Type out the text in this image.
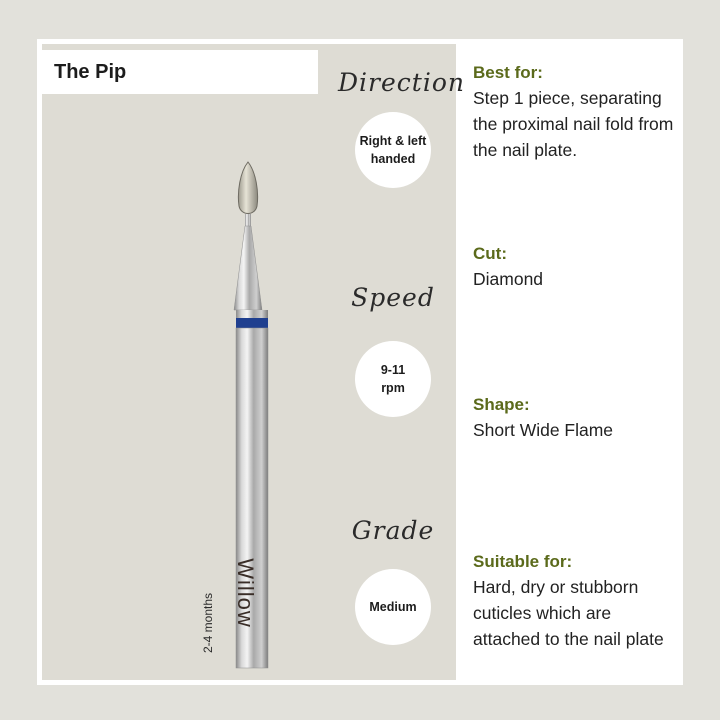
The Pip
Willow
2-4 months
Direction
Right & left
handed
Speed
9-11
rpm
Grade
Medium
Best for:
Step 1 piece, separating the proximal nail fold from the nail plate.
Cut:
Diamond
Shape:
Short Wide Flame
Suitable for:
Hard, dry or stubborn cuticles which are attached to the nail plate
